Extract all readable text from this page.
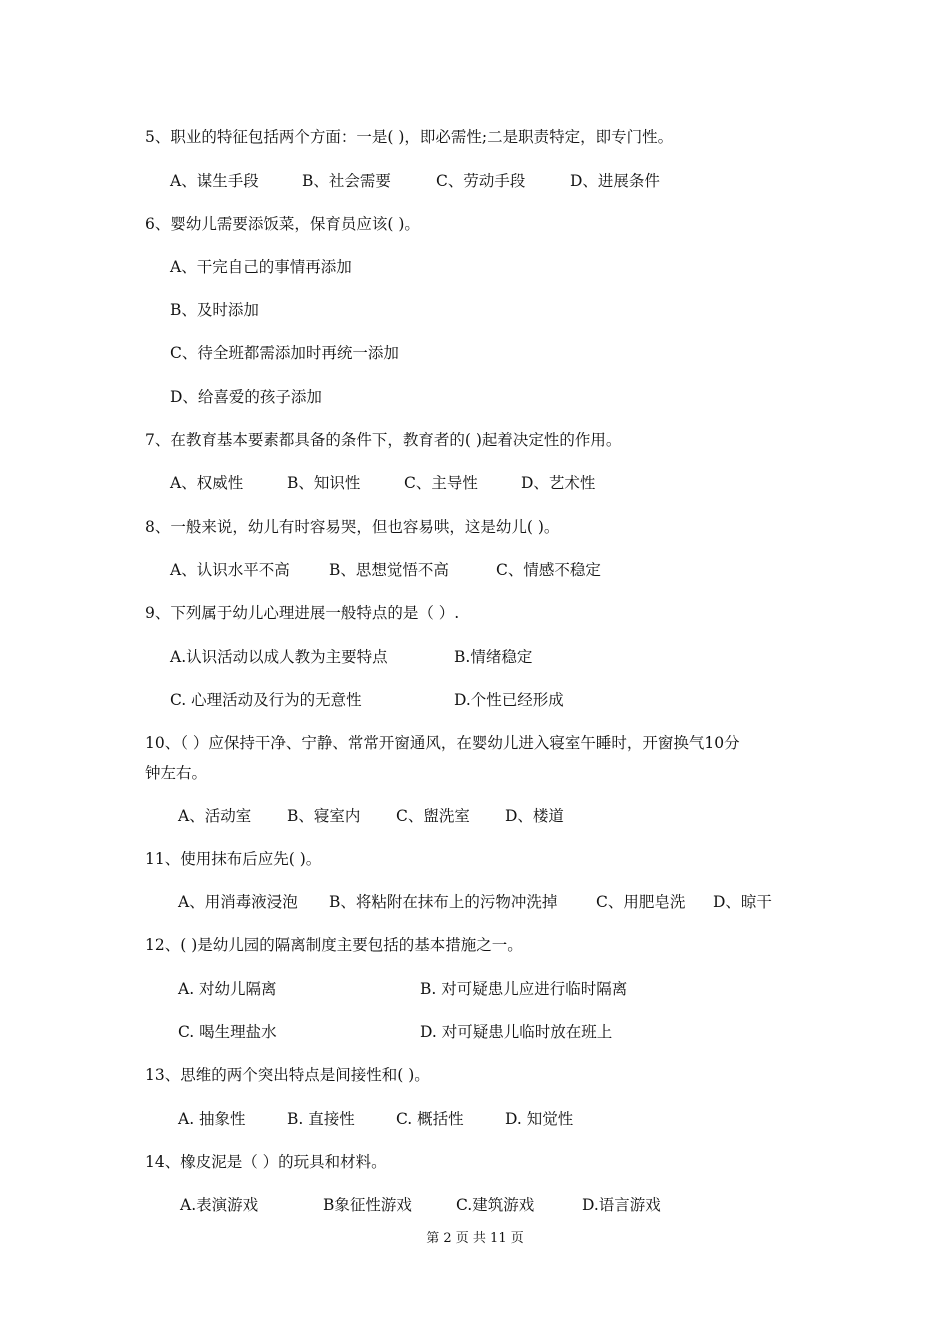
5、职业的特征包括两个方面：一是( )，即必需性;二是职责特定，即专门性。
A、谋生手段	B、社会需要	C、劳动手段	D、进展条件
6、婴幼儿需要添饭菜，保育员应该( )。
A、干完自己的事情再添加
B、及时添加
C、待全班都需添加时再统一添加
D、给喜爱的孩子添加
7、在教育基本要素都具备的条件下，教育者的( )起着决定性的作用。
A、权威性	B、知识性	C、主导性	D、艺术性
8、一般来说，幼儿有时容易哭，但也容易哄，这是幼儿( )。
A、认识水平不高	B、思想觉悟不高	C、情感不稳定
9、下列属于幼儿心理进展一般特点的是（ ）.
A.认识活动以成人教为主要特点	B.情绪稳定
C. 心理活动及行为的无意性	D.个性已经形成
10、（ ）应保持干净、宁静、常常开窗通风，在婴幼儿进入寝室午睡时，开窗换气10分
钟左右。
A、活动室 B、寝室内 C、盥洗室 D、楼道
11、使用抹布后应先( )。
A、用消毒液浸泡 B、将粘附在抹布上的污物冲洗掉 C、用肥皂洗 D、晾干
12、( )是幼儿园的隔离制度主要包括的基本措施之一。
A. 对幼儿隔离	B. 对可疑患儿应进行临时隔离
C. 喝生理盐水	D. 对可疑患儿临时放在班上
13、思维的两个突出特点是间接性和( )。
A. 抽象性	B. 直接性	C. 概括性	D. 知觉性
14、橡皮泥是（ ）的玩具和材料。
A.表演游戏	B象征性游戏	C.建筑游戏	D.语言游戏
第 2 页 共 11 页
